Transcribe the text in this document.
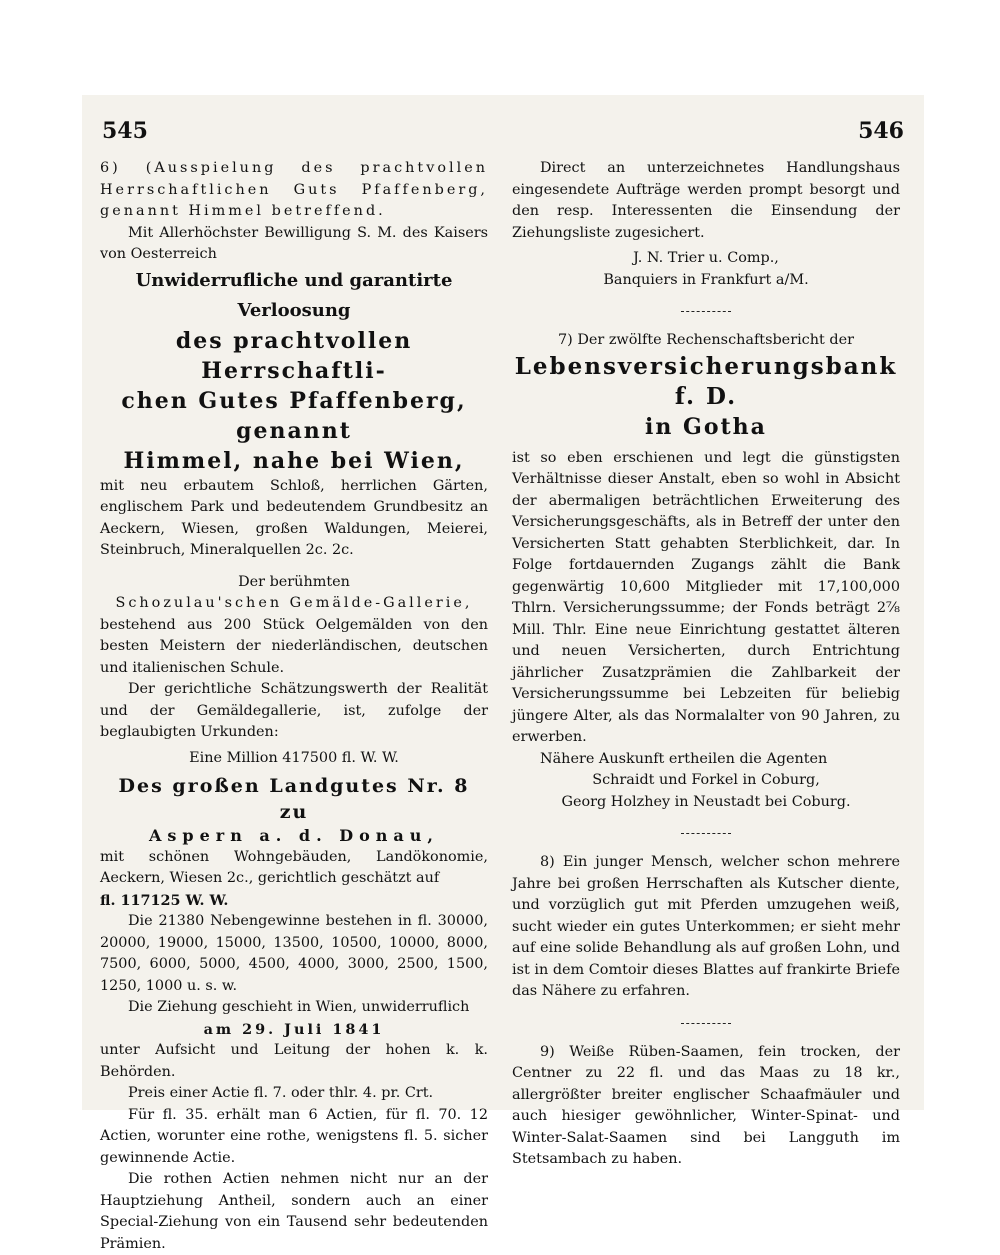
545	546

6) (Ausspielung des prachtvollen Herrschaftlichen Guts Pfaffenberg, genannt Himmel betreffend.

Mit Allerhöchster Bewilligung S. M. des Kaisers von Oesterreich

Unwiderrufliche und garantirte Verloosung

des prachtvollen Herrschaftli-

chen Gutes Pfaffenberg, genannt

Himmel, nahe bei Wien,

mit neu erbautem Schloß, herrlichen Gärten, englischem Park und bedeutendem Grundbesitz an Aeckern, Wiesen, großen Waldungen, Meierei, Steinbruch, Mineralquellen 2c. 2c.

Der berühmten

Schozulau'schen Gemälde-Gallerie,

bestehend aus 200 Stück Oelgemälden von den besten Meistern der niederländischen, deutschen und italienischen Schule.

Der gerichtliche Schätzungswerth der Realität und der Gemäldegallerie, ist, zufolge der beglaubigten Urkunden:

Eine Million 417500 fl. W. W.

Des großen Landgutes Nr. 8 zu

Aspern a. d. Donau,

mit schönen Wohngebäuden, Landökonomie, Aeckern, Wiesen 2c., gerichtlich geschätzt auf

fl. 117125 W. W.

Die 21380 Nebengewinne bestehen in fl. 30000, 20000, 19000, 15000, 13500, 10500, 10000, 8000, 7500, 6000, 5000, 4500, 4000, 3000, 2500, 1500, 1250, 1000 u. s. w.

Die Ziehung geschieht in Wien, unwiderruflich

am 29. Juli 1841

unter Aufsicht und Leitung der hohen k. k. Behörden.

Preis einer Actie fl. 7. oder thlr. 4. pr. Crt.

Für fl. 35. erhält man 6 Actien, für fl. 70. 12 Actien, worunter eine rothe, wenigstens fl. 5. sicher gewinnende Actie.

Die rothen Actien nehmen nicht nur an der Hauptziehung Antheil, sondern auch an einer Special-Ziehung von ein Tausend sehr bedeutenden Prämien.

Direct an unterzeichnetes Handlungshaus eingesendete Aufträge werden prompt besorgt und den resp. Interessenten die Einsendung der Ziehungsliste zugesichert.

J. N. Trier u. Comp.,

Banquiers in Frankfurt a/M.

7) Der zwölfte Rechenschaftsbericht der

Lebensversicherungsbank f. D.

in Gotha

ist so eben erschienen und legt die günstigsten Verhältnisse dieser Anstalt, eben so wohl in Absicht der abermaligen beträchtlichen Erweiterung des Versicherungsgeschäfts, als in Betreff der unter den Versicherten Statt gehabten Sterblichkeit, dar. In Folge fortdauernden Zugangs zählt die Bank gegenwärtig 10,600 Mitglieder mit 17,100,000 Thlrn. Versicherungssumme; der Fonds beträgt 2⅞ Mill. Thlr. Eine neue Einrichtung gestattet älteren und neuen Versicherten, durch Entrichtung jährlicher Zusatzprämien die Zahlbarkeit der Versicherungssumme bei Lebzeiten für beliebig jüngere Alter, als das Normalalter von 90 Jahren, zu erwerben.

Nähere Auskunft ertheilen die Agenten

Schraidt und Forkel in Coburg,

Georg Holzhey in Neustadt bei Coburg.

8) Ein junger Mensch, welcher schon mehrere Jahre bei großen Herrschaften als Kutscher diente, und vorzüglich gut mit Pferden umzugehen weiß, sucht wieder ein gutes Unterkommen; er sieht mehr auf eine solide Behandlung als auf großen Lohn, und ist in dem Comtoir dieses Blattes auf frankirte Briefe das Nähere zu erfahren.

9) Weiße Rüben-Saamen, fein trocken, der Centner zu 22 fl. und das Maas zu 18 kr., allergrößter breiter englischer Schaafmäuler und auch hiesiger gewöhnlicher, Winter-Spinat- und Winter-Salat-Saamen sind bei Langguth im Stetsambach zu haben.
